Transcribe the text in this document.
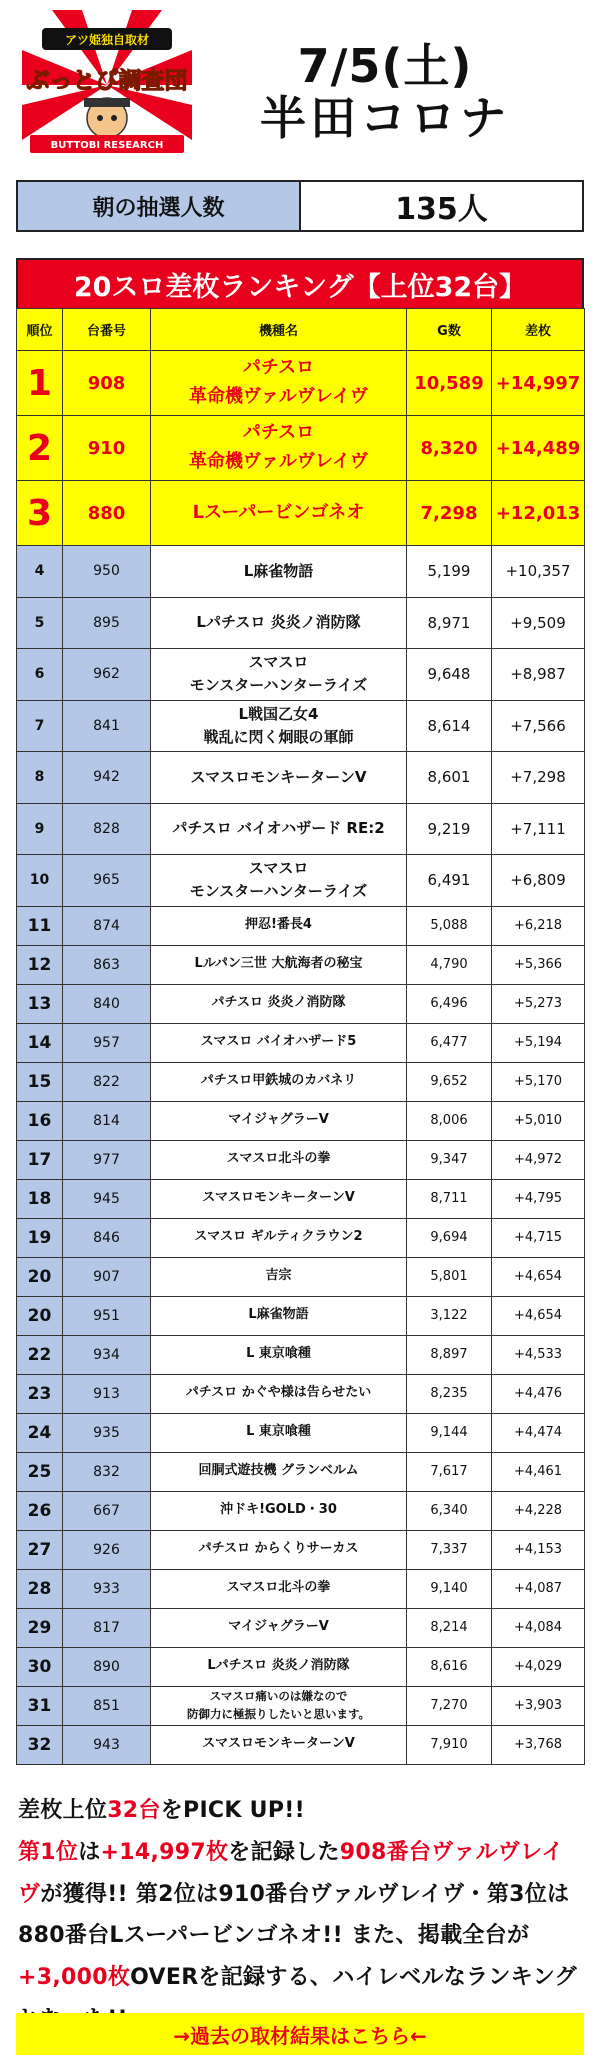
アツ姫独自取材
ぶっとび調査団
BUTTOBI RESEARCH
7/5(土)
半田コロナ
朝の抽選人数	135人
20スロ差枚ランキング【上位32台】
順位	台番号	機種名	G数	差枚
1	908	パチスロ
革命機ヴァルヴレイヴ	10,589	+14,997
2	910	パチスロ
革命機ヴァルヴレイヴ	8,320	+14,489
3	880	Lスーパービンゴネオ	7,298	+12,013
4	950	L麻雀物語	5,199	+10,357
5	895	Lパチスロ 炎炎ノ消防隊	8,971	+9,509
6	962	スマスロ
モンスターハンターライズ	9,648	+8,987
7	841	L戦国乙女4
戦乱に閃く炯眼の軍師	8,614	+7,566
8	942	スマスロモンキーターンV	8,601	+7,298
9	828	パチスロ バイオハザード RE:2	9,219	+7,111
10	965	スマスロ
モンスターハンターライズ	6,491	+6,809
11	874	押忍!番長4	5,088	+6,218
12	863	Lルパン三世 大航海者の秘宝	4,790	+5,366
13	840	パチスロ 炎炎ノ消防隊	6,496	+5,273
14	957	スマスロ バイオハザード5	6,477	+5,194
15	822	パチスロ甲鉄城のカバネリ	9,652	+5,170
16	814	マイジャグラーV	8,006	+5,010
17	977	スマスロ北斗の拳	9,347	+4,972
18	945	スマスロモンキーターンV	8,711	+4,795
19	846	スマスロ ギルティクラウン2	9,694	+4,715
20	907	吉宗	5,801	+4,654
20	951	L麻雀物語	3,122	+4,654
22	934	L 東京喰種	8,897	+4,533
23	913	パチスロ かぐや様は告らせたい	8,235	+4,476
24	935	L 東京喰種	9,144	+4,474
25	832	回胴式遊技機 グランベルム	7,617	+4,461
26	667	沖ドキ!GOLD・30	6,340	+4,228
27	926	パチスロ からくりサーカス	7,337	+4,153
28	933	スマスロ北斗の拳	9,140	+4,087
29	817	マイジャグラーV	8,214	+4,084
30	890	Lパチスロ 炎炎ノ消防隊	8,616	+4,029
31	851	スマスロ痛いのは嫌なので
防御力に極振りしたいと思います。	7,270	+3,903
32	943	スマスロモンキーターンV	7,910	+3,768
差枚上位32台をPICK UP!!
第1位は+14,997枚を記録した908番台ヴァルヴレイヴが獲得!! 第2位は910番台ヴァルヴレイヴ・第3位は880番台Lスーパービンゴネオ!! また、掲載全台が+3,000枚OVERを記録する、ハイレベルなランキング
→過去の取材結果はこちら←
